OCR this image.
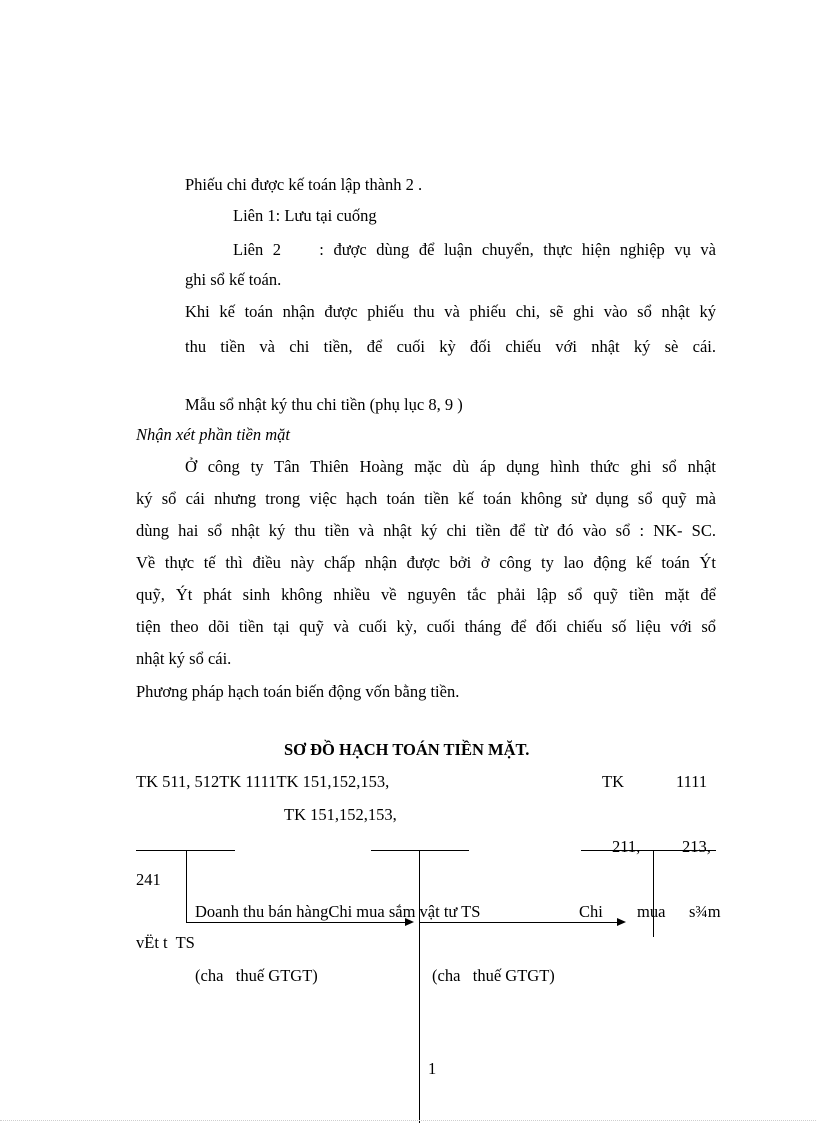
Phiếu chi được kế toán lập thành 2 .
Liên 1: Lưu tại cuống
Liên 2    : được dùng để luận chuyển, thực hiện nghiệp vụ và
ghi sổ kế toán.
Khi kế toán nhận được phiếu thu và phiếu chi, sẽ ghi vào sổ nhật ký
thu tiền và chi tiền, để cuối kỳ đối chiếu với nhật ký sè cái.
Mẫu sổ nhật ký thu chi tiền (phụ lục 8, 9 )
Nhận xét phần tiền mặt
Ở công ty Tân Thiên Hoàng mặc dù áp dụng hình thức ghi sổ nhật
ký sổ cái nhưng trong việc hạch toán tiền kế toán không sử dụng sổ quỹ mà
dùng hai sổ nhật ký thu tiền và nhật ký chi tiền để từ đó vào sổ : NK- SC.
Về thực tế thì điều này chấp nhận được bởi ở công ty lao động kế toán Ýt
quỹ, Ýt phát sinh không nhiều về nguyên tắc phải lập sổ quỹ tiền mặt để
tiện theo dõi tiền tại quỹ và cuối kỳ, cuối tháng để đối chiếu số liệu với sổ
nhật ký sổ cái.
Phương pháp hạch toán biến động vốn bằng tiền.
SƠ ĐỒ HẠCH TOÁN TIỀN MẶT.
TK 511, 512TK 1111TK 151,152,153,	TK	1111
TK 151,152,153,
211,	213,
241
Doanh thu bán hàngChi mua sắm vật tư TS	Chi mua s¾m
vËt t  TS
(cha   thuế GTGT)	(cha   thuế GTGT)
1
